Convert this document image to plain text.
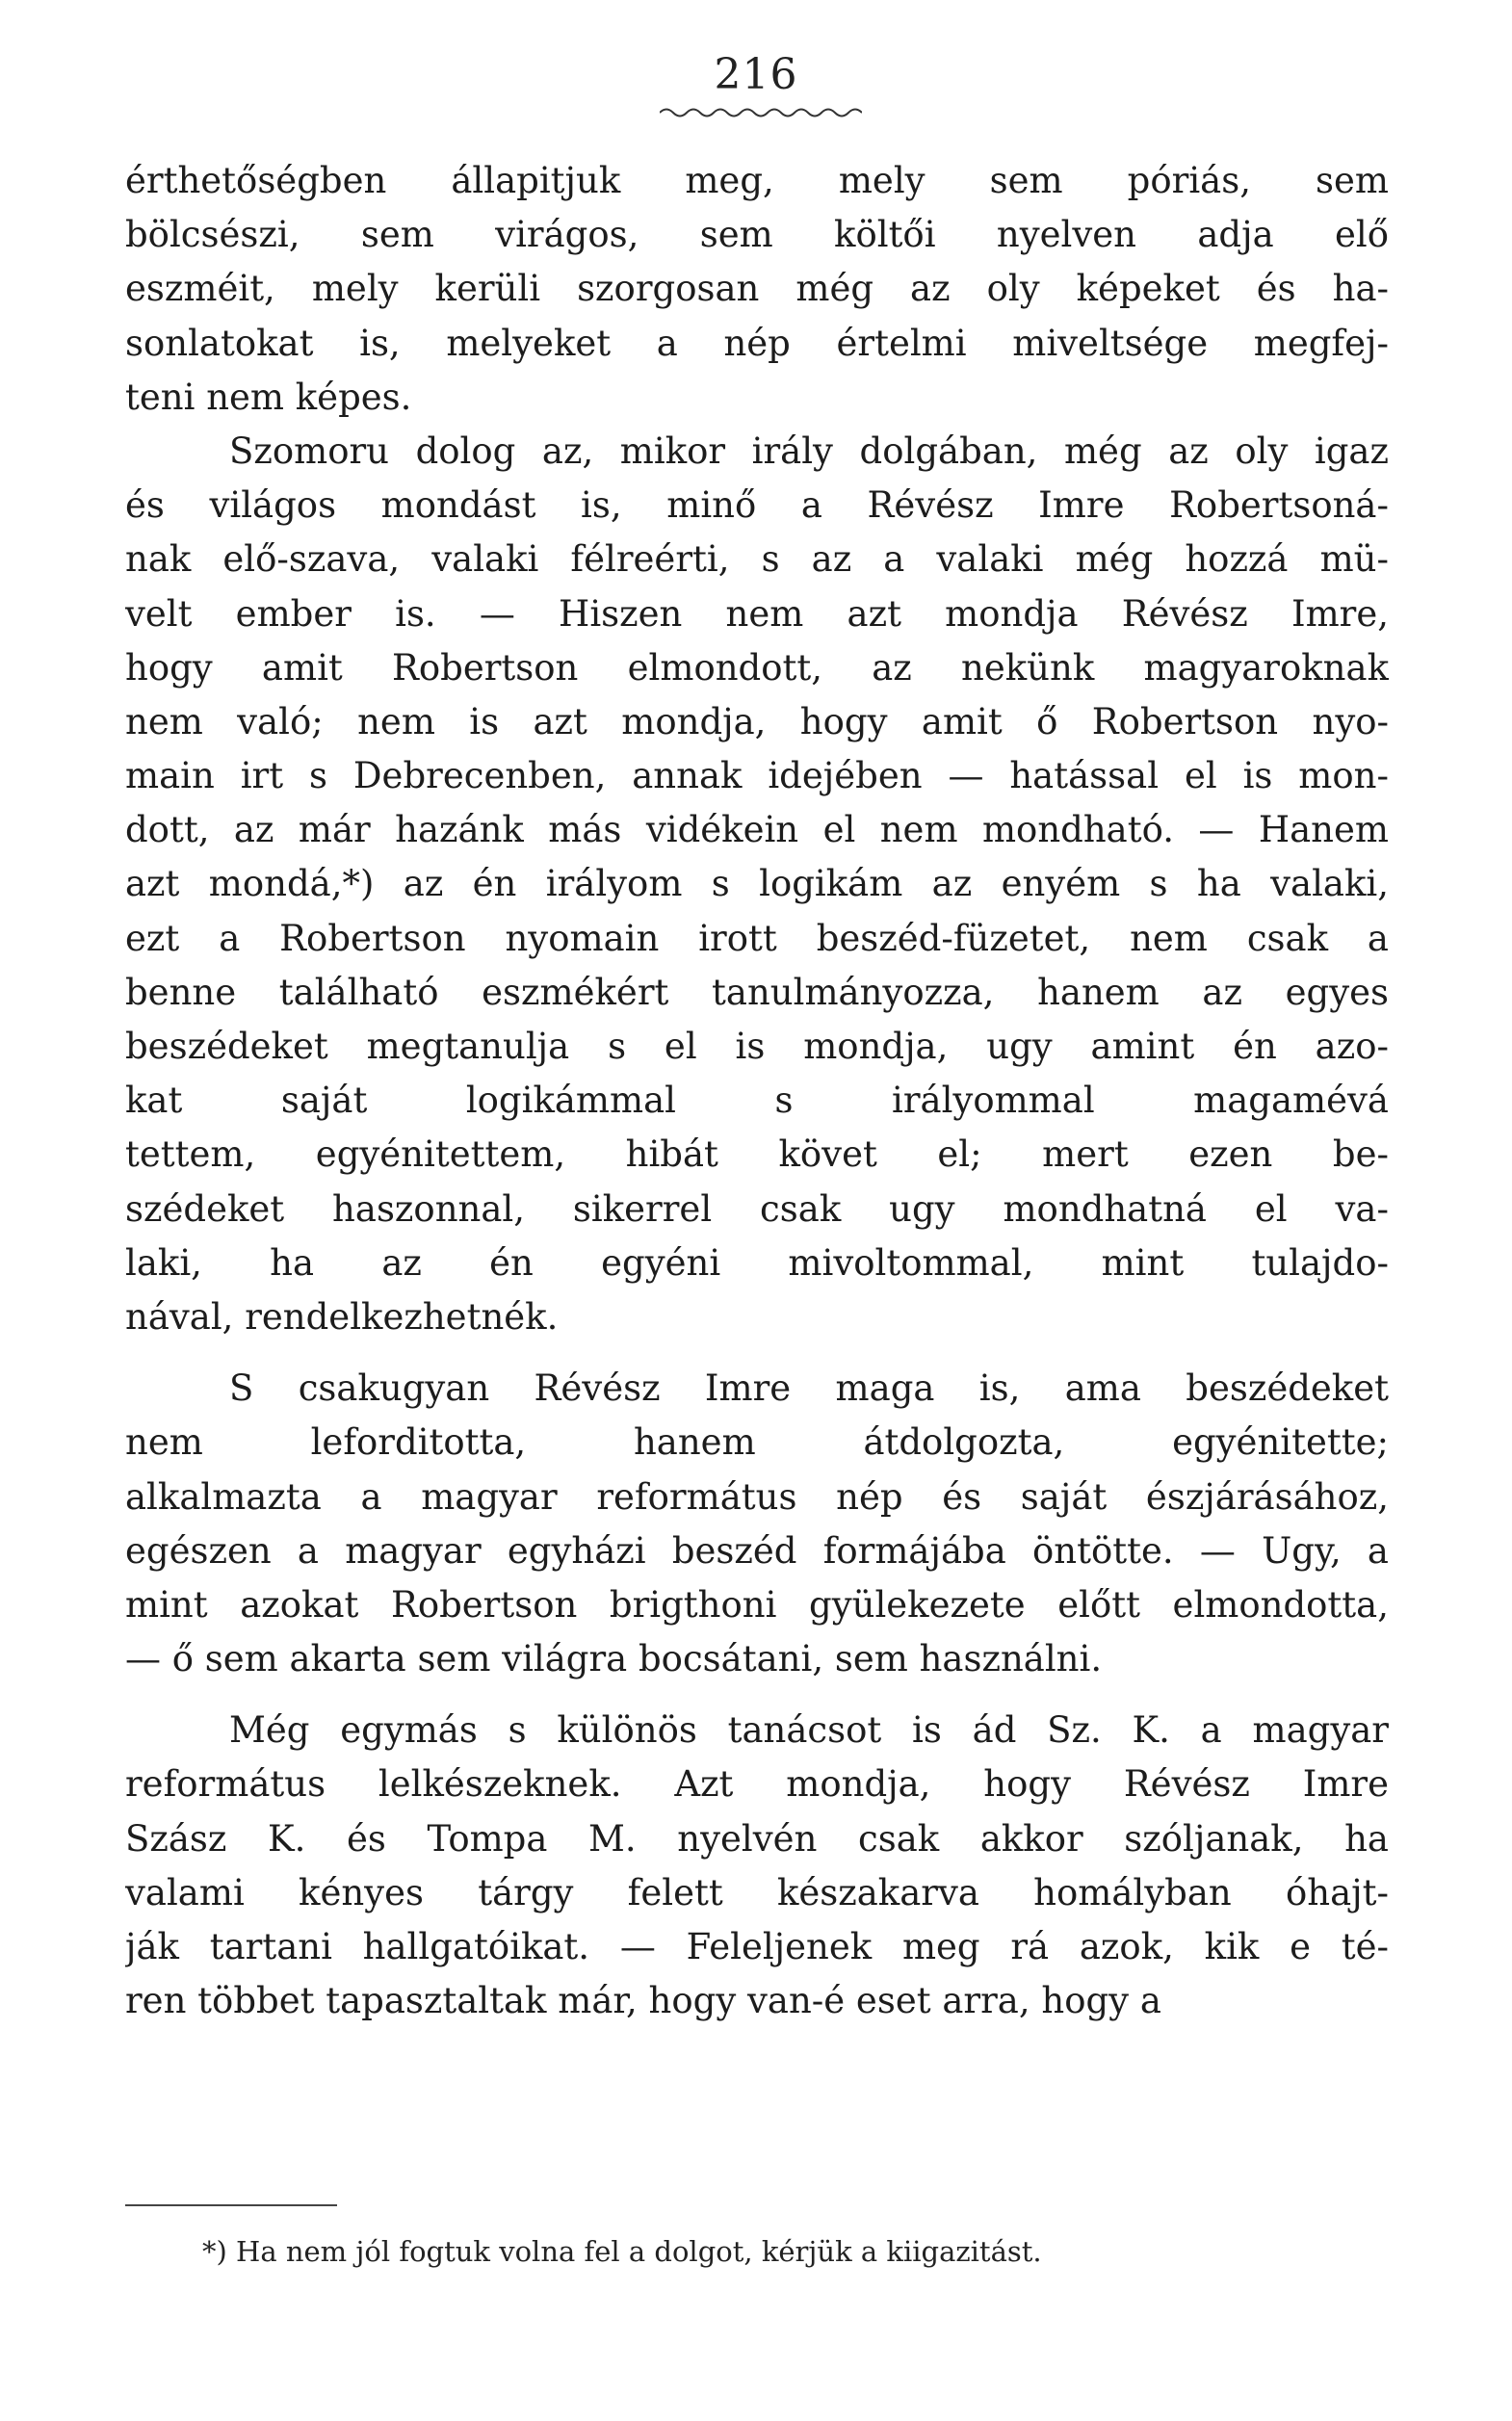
216
érthetőségben állapitjuk meg, mely sem póriás, sem
bölcsészi, sem virágos, sem költői nyelven adja elő
eszméit, mely kerüli szorgosan még az oly képeket és ha-
sonlatokat is, melyeket a nép értelmi miveltsége megfej-
teni nem képes.
Szomoru dolog az, mikor irály dolgában, még az oly igaz
és világos mondást is, minő a Révész Imre Robertsoná-
nak elő-szava, valaki félreérti, s az a valaki még hozzá mü-
velt ember is. — Hiszen nem azt mondja Révész Imre,
hogy amit Robertson elmondott, az nekünk magyaroknak
nem való; nem is azt mondja, hogy amit ő Robertson nyo-
main irt s Debrecenben, annak idejében — hatással el is mon-
dott, az már hazánk más vidékein el nem mondható. — Hanem
azt mondá,*) az én irályom s logikám az enyém s ha valaki,
ezt a Robertson nyomain irott beszéd-füzetet, nem csak a
benne található eszmékért tanulmányozza, hanem az egyes
beszédeket megtanulja s el is mondja, ugy amint én azo-
kat saját logikámmal s irályommal magamévá
tettem, egyénitettem, hibát követ el; mert ezen be-
szédeket haszonnal, sikerrel csak ugy mondhatná el va-
laki, ha az én egyéni mivoltommal, mint tulajdo-
nával, rendelkezhetnék.
S csakugyan Révész Imre maga is, ama beszédeket
nem leforditotta, hanem átdolgozta, egyénitette;
alkalmazta a magyar református nép és saját észjárásához,
egészen a magyar egyházi beszéd formájába öntötte. — Ugy, a
mint azokat Robertson brigthoni gyülekezete előtt elmondotta,
— ő sem akarta sem világra bocsátani, sem használni.
Még egymás s különös tanácsot is ád Sz. K. a magyar
református lelkészeknek. Azt mondja, hogy Révész Imre
Szász K. és Tompa M. nyelvén csak akkor szóljanak, ha
valami kényes tárgy felett készakarva homályban óhajt-
ják tartani hallgatóikat. — Feleljenek meg rá azok, kik e té-
ren többet tapasztaltak már, hogy van-é eset arra, hogy a
*) Ha nem jól fogtuk volna fel a dolgot, kérjük a kiigazitást.
